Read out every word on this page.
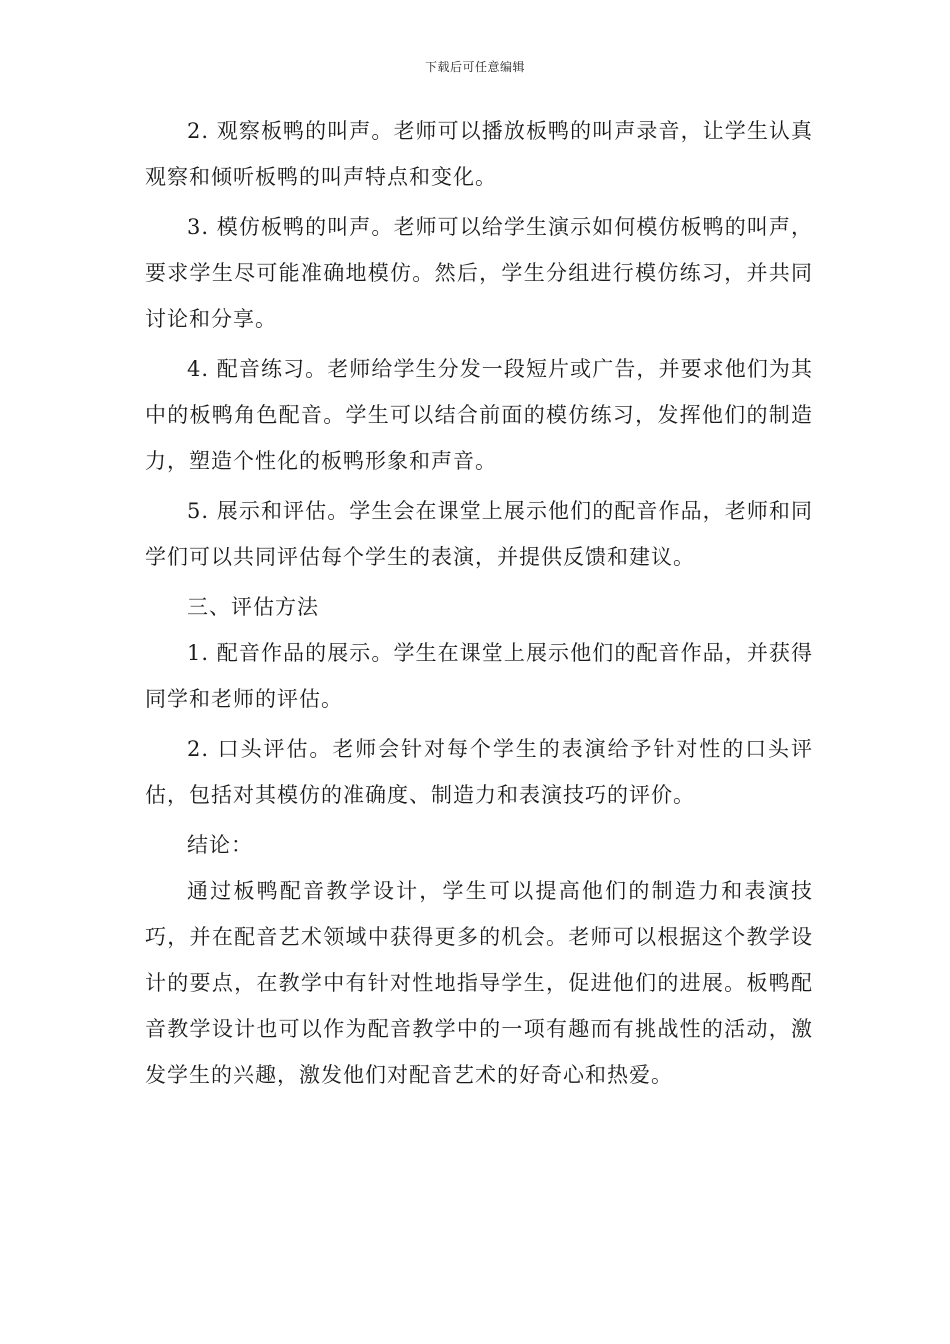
下载后可任意编辑

2. 观察板鸭的叫声。老师可以播放板鸭的叫声录音，让学生认真观察和倾听板鸭的叫声特点和变化。

3. 模仿板鸭的叫声。老师可以给学生演示如何模仿板鸭的叫声，要求学生尽可能准确地模仿。然后，学生分组进行模仿练习，并共同讨论和分享。

4. 配音练习。老师给学生分发一段短片或广告，并要求他们为其中的板鸭角色配音。学生可以结合前面的模仿练习，发挥他们的制造力，塑造个性化的板鸭形象和声音。

5. 展示和评估。学生会在课堂上展示他们的配音作品，老师和同学们可以共同评估每个学生的表演，并提供反馈和建议。

三、评估方法

1. 配音作品的展示。学生在课堂上展示他们的配音作品，并获得同学和老师的评估。

2. 口头评估。老师会针对每个学生的表演给予针对性的口头评估，包括对其模仿的准确度、制造力和表演技巧的评价。

结论：

通过板鸭配音教学设计，学生可以提高他们的制造力和表演技巧，并在配音艺术领域中获得更多的机会。老师可以根据这个教学设计的要点，在教学中有针对性地指导学生，促进他们的进展。板鸭配音教学设计也可以作为配音教学中的一项有趣而有挑战性的活动，激发学生的兴趣，激发他们对配音艺术的好奇心和热爱。
